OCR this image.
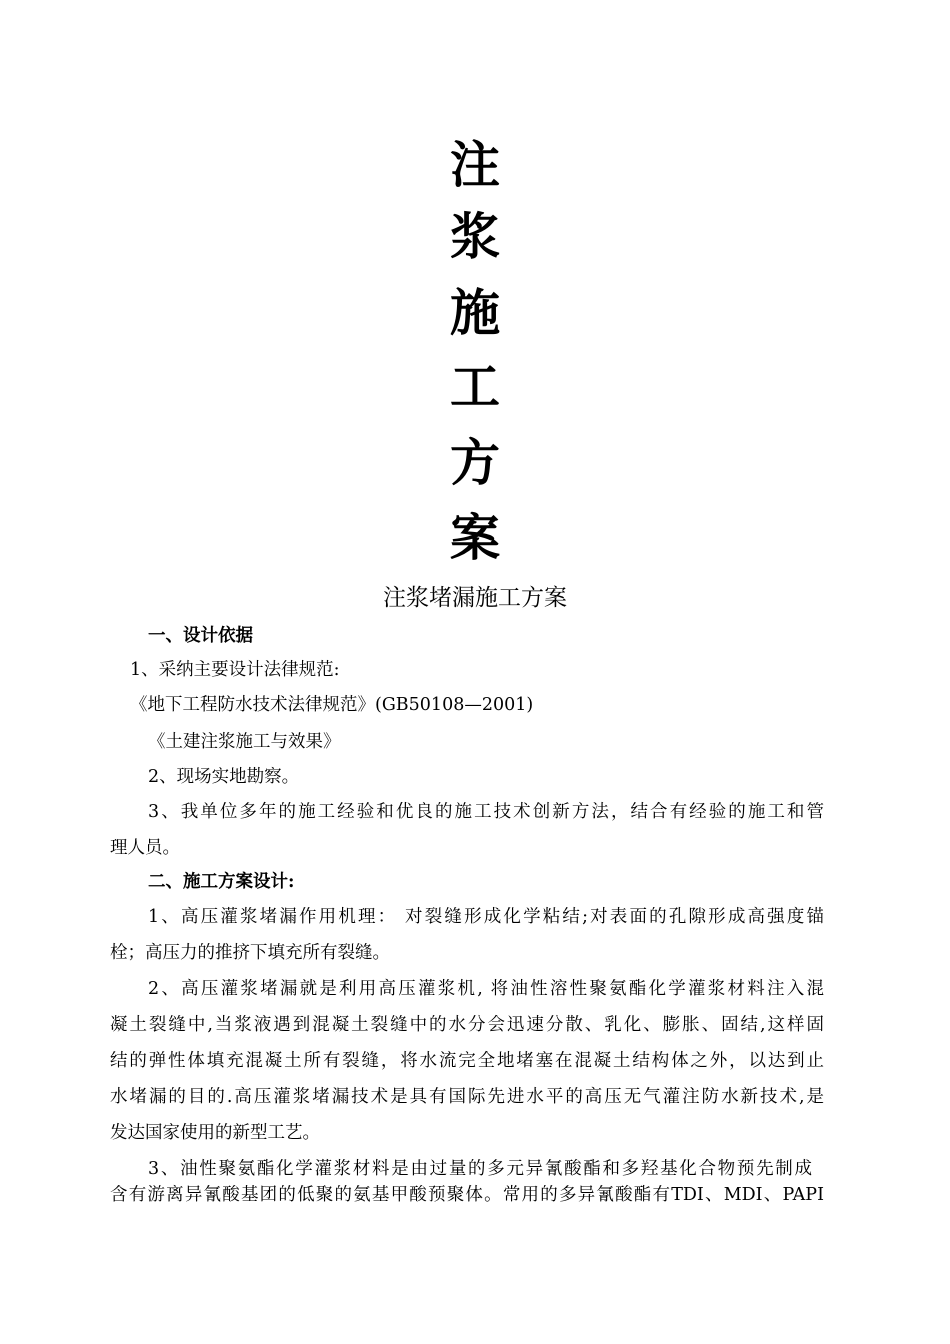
注
浆
施
工
方
案
注浆堵漏施工方案
一、设计依据
1、采纳主要设计法律规范:
《地下工程防水技术法律规范》(GB50108—2001)
《土建注浆施工与效果》
2、现场实地勘察。
3、我单位多年的施工经验和优良的施工技术创新方法，结合有经验的施工和管
理人员。
二、施工方案设计:
1、高压灌浆堵漏作用机理： 对裂缝形成化学粘结;对表面的孔隙形成高强度锚
栓；高压力的推挤下填充所有裂缝。
2、高压灌浆堵漏就是利用高压灌浆机, 将油性溶性聚氨酯化学灌浆材料注入混
凝土裂缝中,当浆液遇到混凝土裂缝中的水分会迅速分散、乳化、膨胀、固结,这样固
结的弹性体填充混凝土所有裂缝，将水流完全地堵塞在混凝土结构体之外，以达到止
水堵漏的目的.高压灌浆堵漏技术是具有国际先进水平的高压无气灌注防水新技术,是
发达国家使用的新型工艺。
3、油性聚氨酯化学灌浆材料是由过量的多元异氰酸酯和多羟基化合物预先制成
含有游离异氰酸基团的低聚的氨基甲酸预聚体。常用的多异氰酸酯有TDI、MDI、PAPI
